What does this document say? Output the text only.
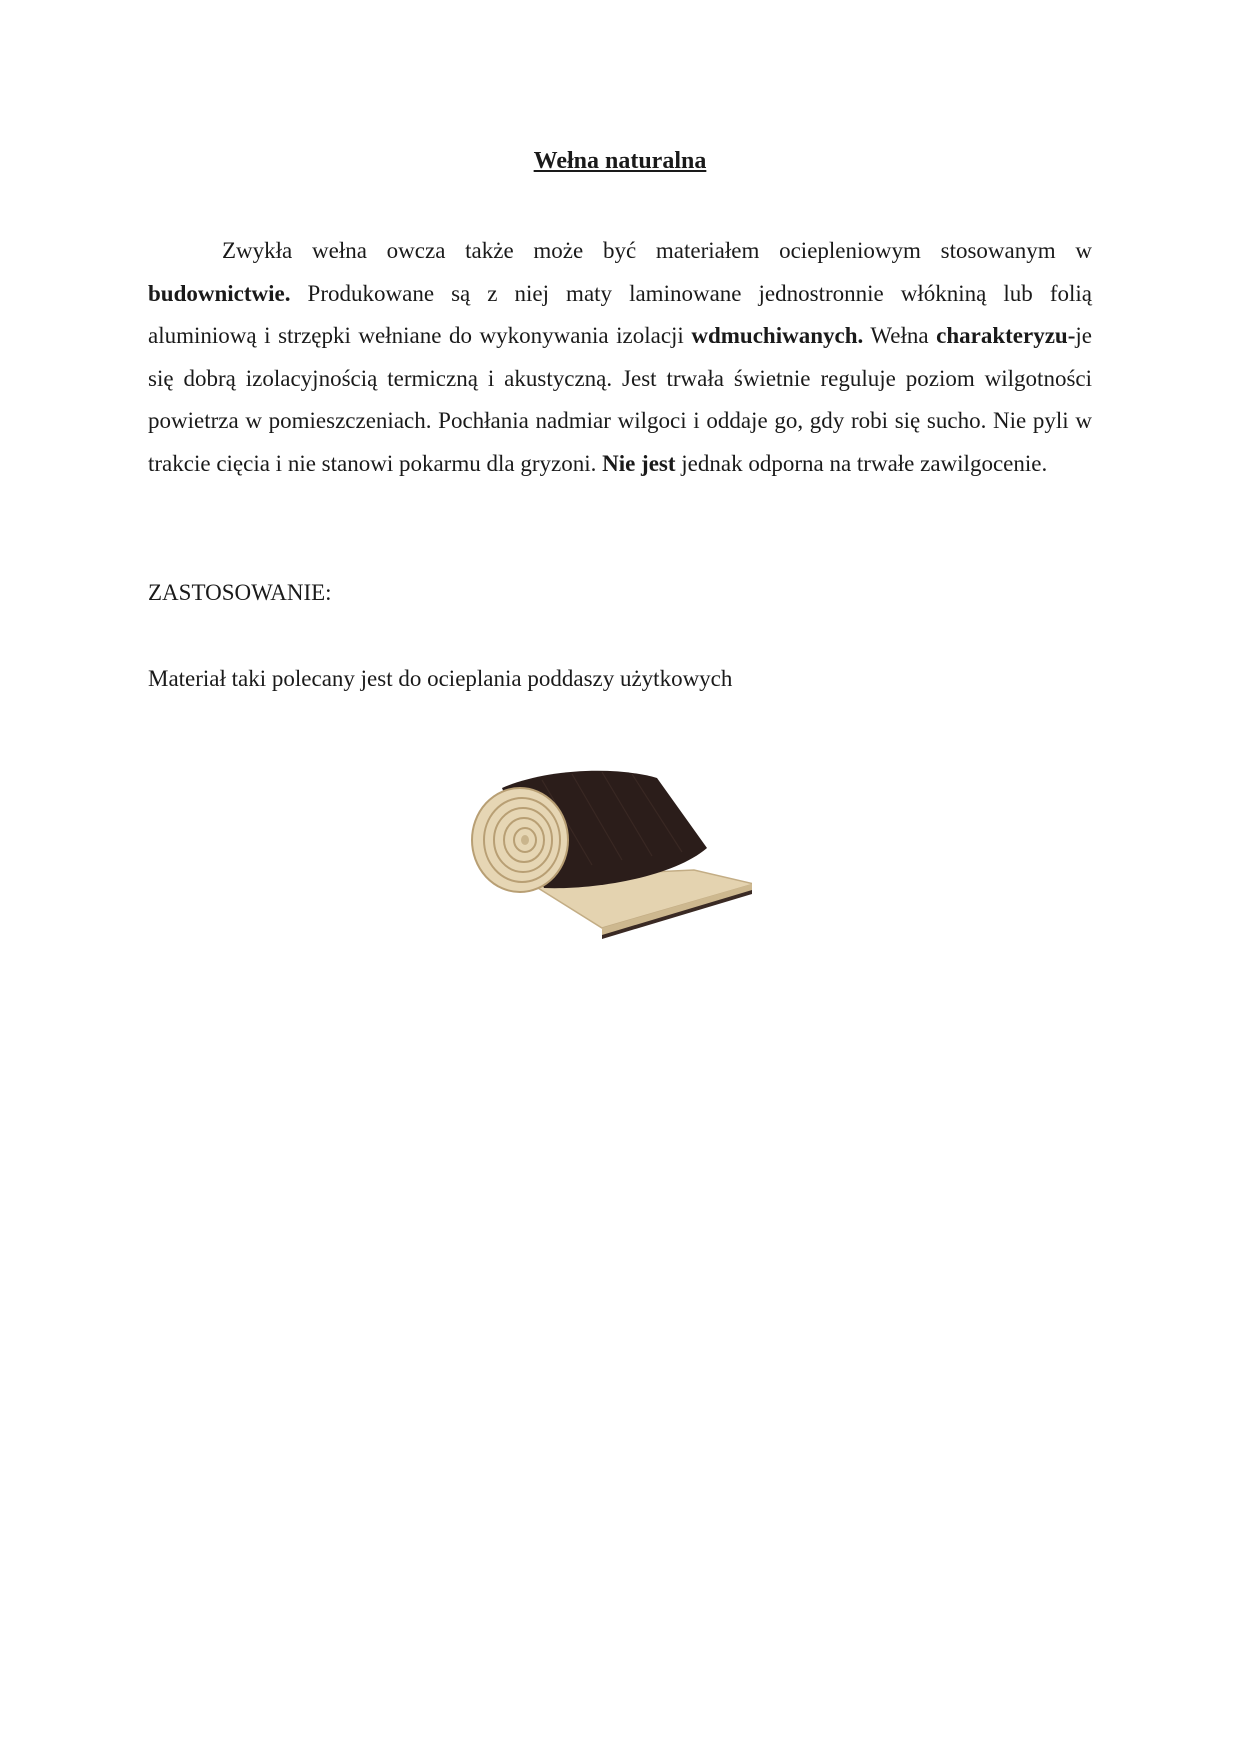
Wełna naturalna

Zwykła wełna owcza także może być materiałem ociepleniowym stosowanym w budownictwie. Produkowane są z niej maty laminowane jednostronnie włókniną lub folią aluminiową i strzępki wełniane do wykonywania izolacji wdmuchiwanych. Wełna charakteryzu-je się dobrą izolacyjnością termiczną i akustyczną. Jest trwała świetnie reguluje poziom wilgotności powietrza w pomieszczeniach. Pochłania nadmiar wilgoci i oddaje go, gdy robi się sucho. Nie pyli w trakcie cięcia i nie stanowi pokarmu dla gryzoni. Nie jest jednak odporna na trwałe zawilgocenie.

ZASTOSOWANIE:
Materiał taki polecany jest do ocieplania poddaszy użytkowych
